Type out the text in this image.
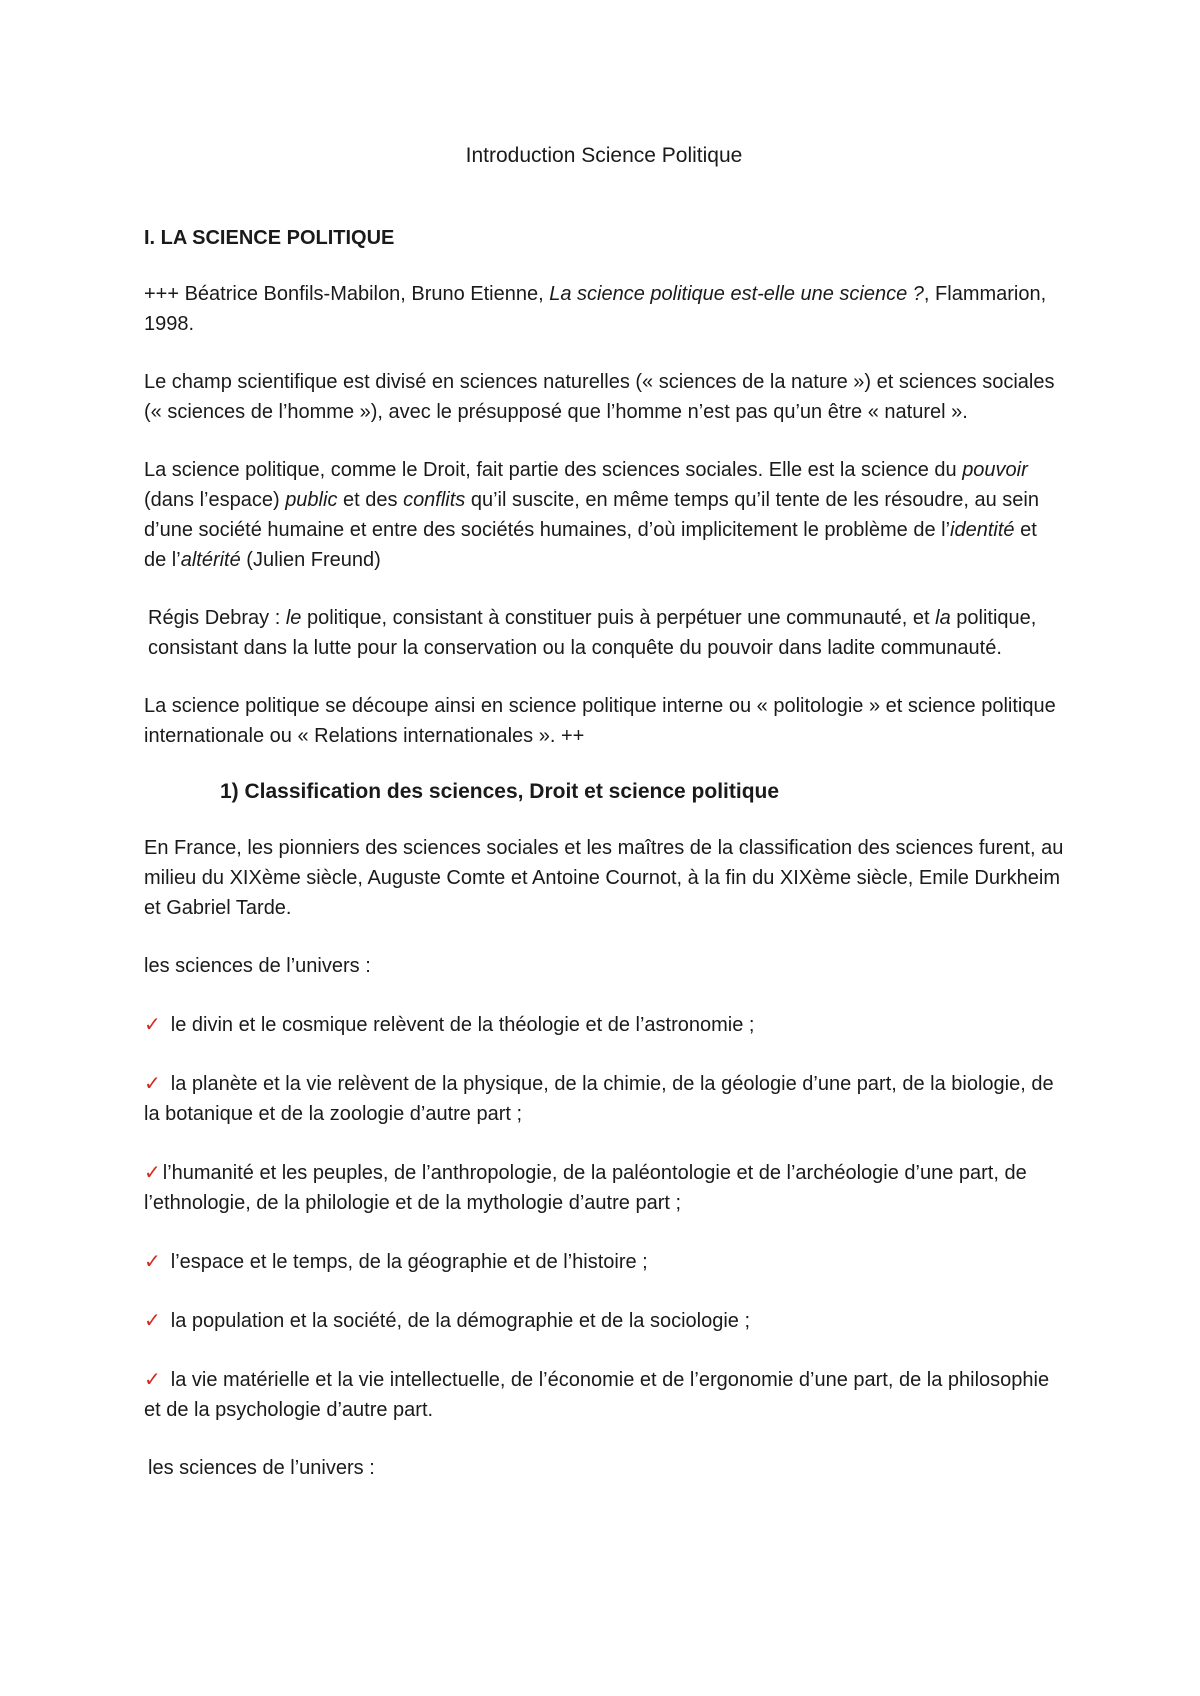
Introduction Science Politique
I. LA SCIENCE POLITIQUE

+++ Béatrice Bonfils-Mabilon, Bruno Etienne, La science politique est-elle une science ?, Flammarion, 1998.

Le champ scientifique est divisé en sciences naturelles (« sciences de la nature ») et sciences sociales (« sciences de l’homme »), avec le présupposé que l’homme n’est pas qu’un être « naturel ».

La science politique, comme le Droit, fait partie des sciences sociales. Elle est la science du pouvoir (dans l’espace) public et des conflits qu’il suscite, en même temps qu’il tente de les résoudre, au sein d’une société humaine et entre des sociétés humaines, d’où implicitement le problème de l’identité et de l’altérité (Julien Freund)

Régis Debray : le politique, consistant à constituer puis à perpétuer une communauté, et la politique, consistant dans la lutte pour la conservation ou la conquête du pouvoir dans ladite communauté.

La science politique se découpe ainsi en science politique interne ou « politologie » et science politique internationale ou « Relations internationales ». ++

1) Classification des sciences, Droit et science politique

En France, les pionniers des sciences sociales et les maîtres de la classification des sciences furent, au milieu du XIXème siècle, Auguste Comte et Antoine Cournot, à la fin du XIXème siècle, Emile Durkheim et Gabriel Tarde.

les sciences de l’univers :

✓ le divin et le cosmique relèvent de la théologie et de l’astronomie ;

✓ la planète et la vie relèvent de la physique, de la chimie, de la géologie d’une part, de la biologie, de la botanique et de la zoologie d’autre part ;

✓ l’humanité et les peuples, de l’anthropologie, de la paléontologie et de l’archéologie d’une part, de l’ethnologie, de la philologie et de la mythologie d’autre part ;

✓ l’espace et le temps, de la géographie et de l’histoire ;

✓ la population et la société, de la démographie et de la sociologie ;

✓ la vie matérielle et la vie intellectuelle, de l’économie et de l’ergonomie d’une part, de la philosophie et de la psychologie d’autre part.

les sciences de l’univers :
